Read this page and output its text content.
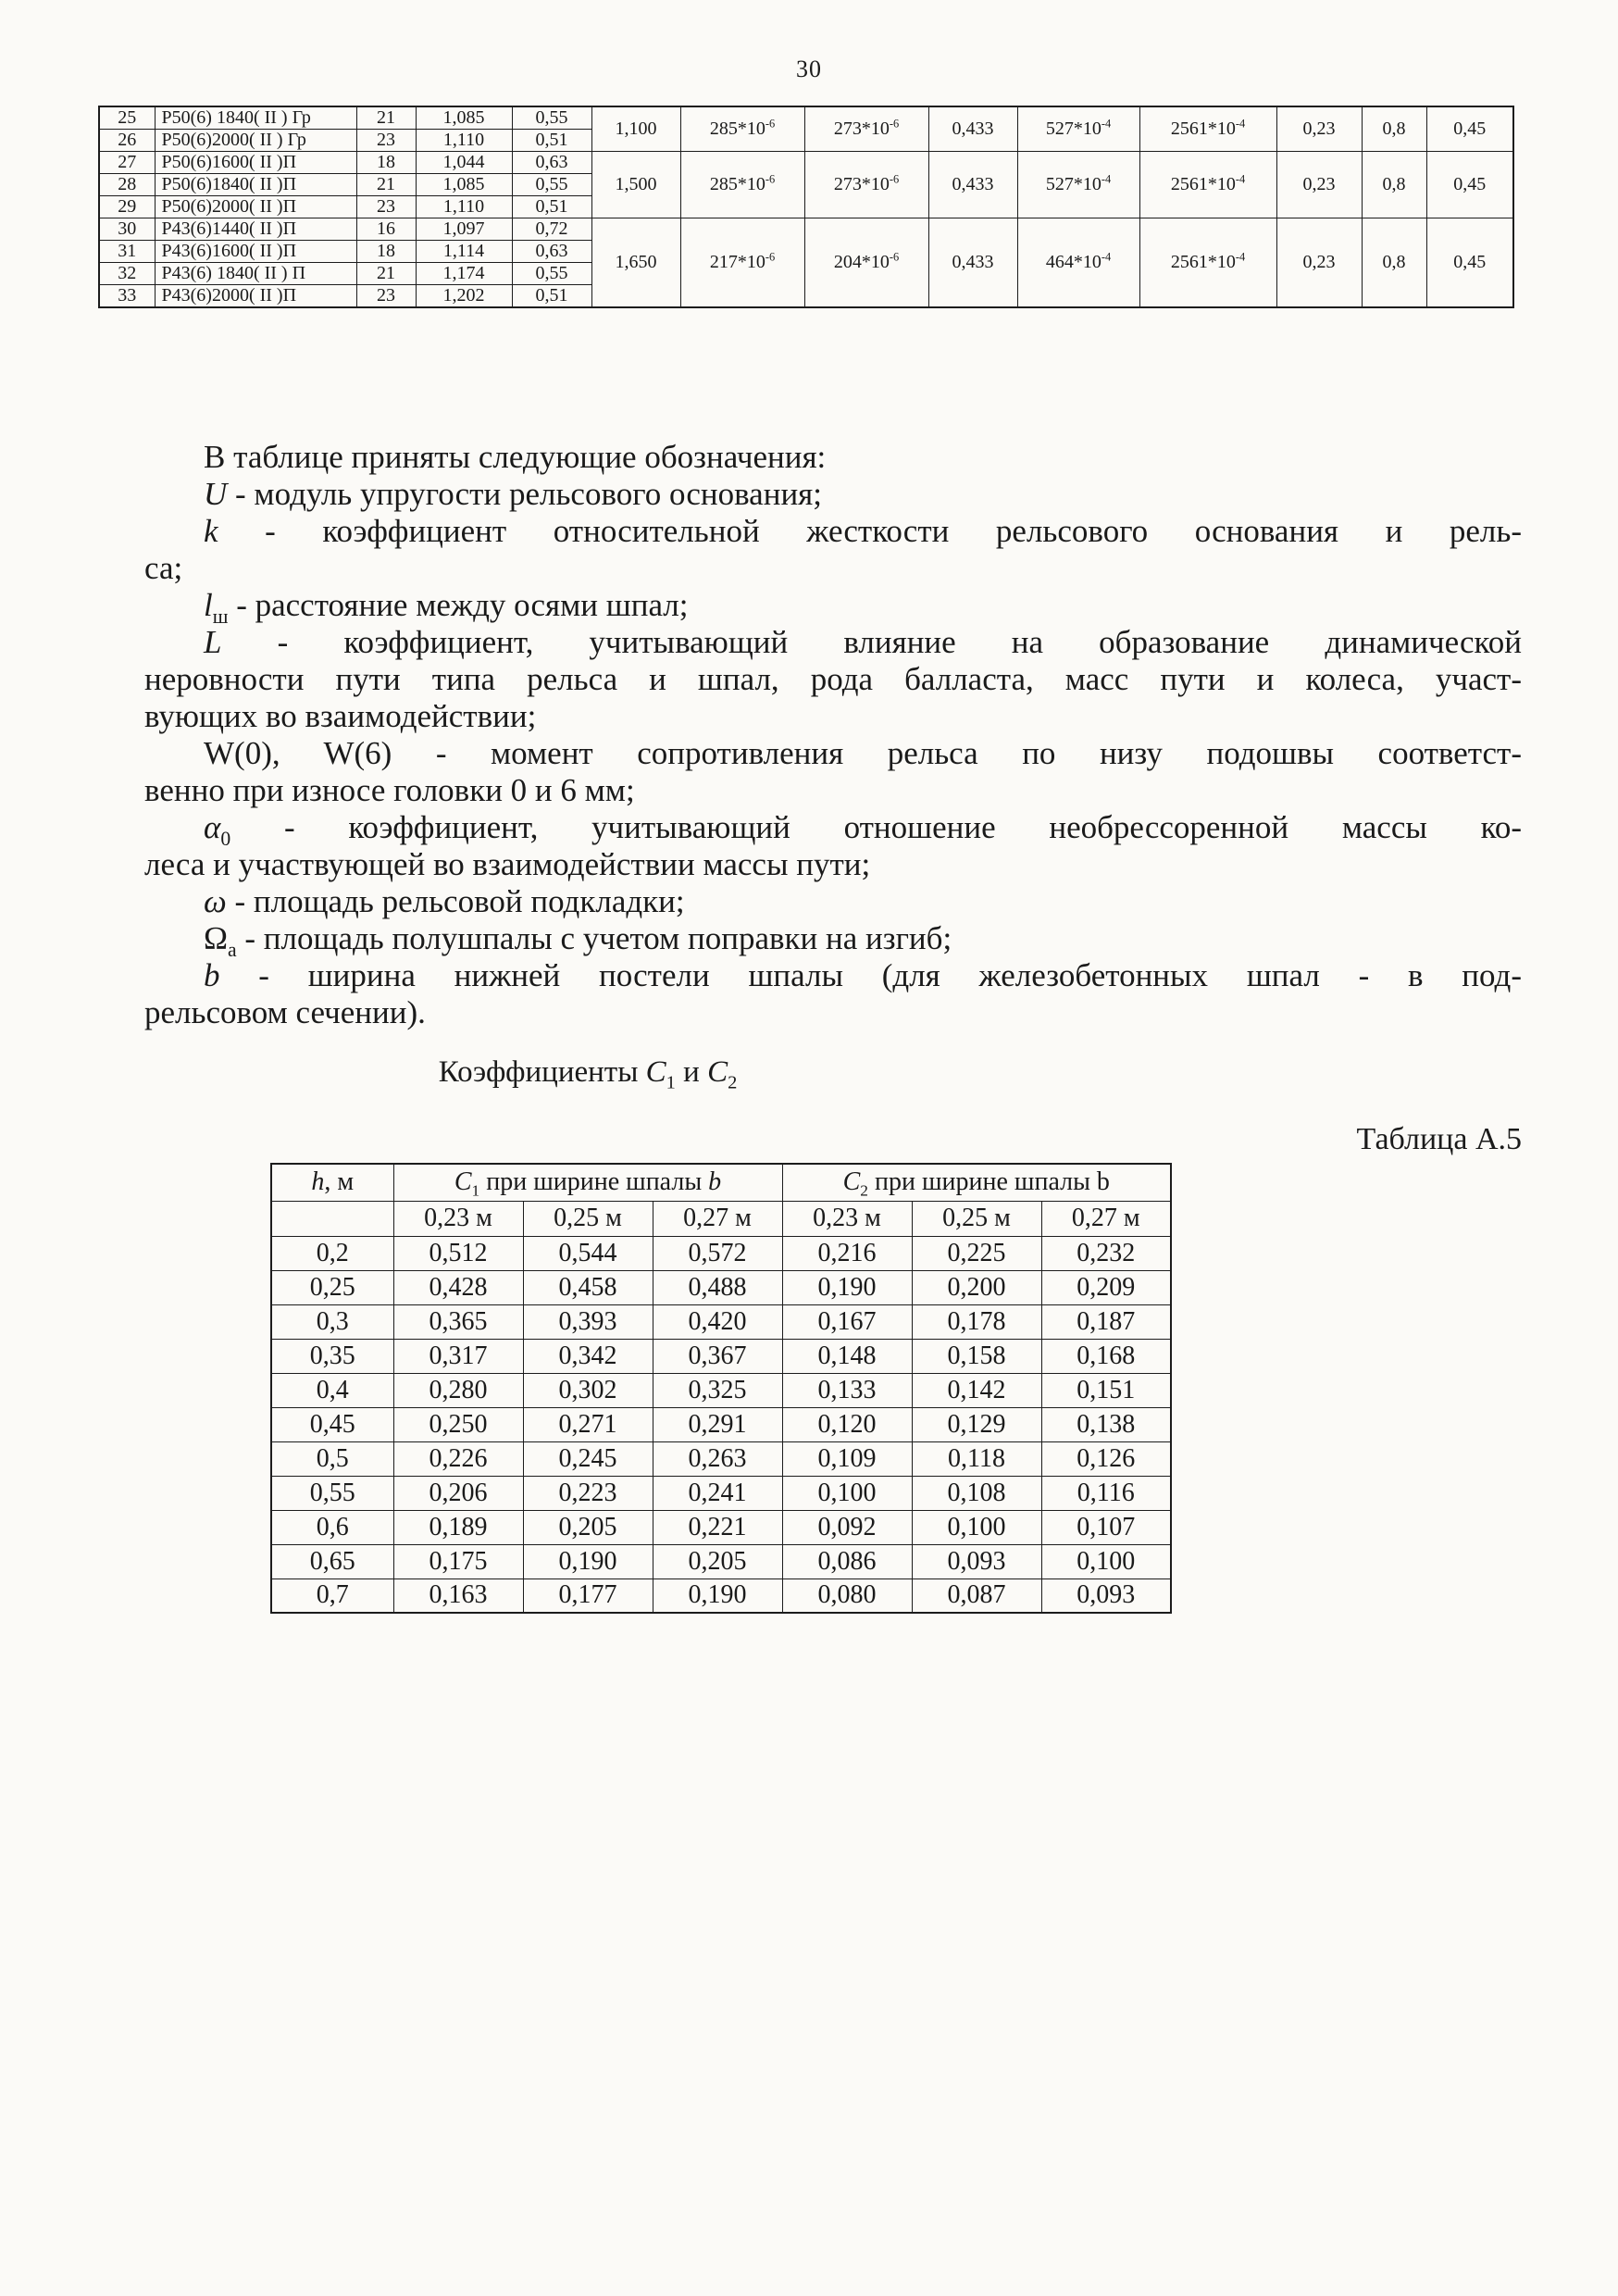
30
25	Р50(6) 1840( II ) Гр	21	1,085	0,55	1,100	$285*10^{-6}$	$273*10^{-6}$	0,433	$527*10^{-4}$	$2561*10^{-4}$	0,23	0,8	0,45
26	Р50(6)2000( II ) Гр	23	1,110	0,51									
27	Р50(6)1600( II )П	18	1,044	0,63	1,500	$285*10^{-6}$	$273*10^{-6}$	0,433	$527*10^{-4}$	$2561*10^{-4}$	0,23	0,8	0,45
28	Р50(6)1840( II )П	21	1,085	0,55									
29	Р50(6)2000( II )П	23	1,110	0,51									
30	Р43(6)1440( II )П	16	1,097	0,72	1,650	$217*10^{-6}$	$204*10^{-6}$	0,433	$464*10^{-4}$	$2561*10^{-4}$	0,23	0,8	0,45
31	Р43(6)1600( II )П	18	1,114	0,63									
32	Р43(6) 1840( II ) П	21	1,174	0,55									
33	Р43(6)2000( II )П	23	1,202	0,51									
В таблице приняты следующие обозначения:
U - модуль упругости рельсового основания;
k - коэффициент относительной жесткости рельсового основания и рель-
са;
$l_ш$ - расстояние между осями шпал;
L - коэффициент, учитывающий влияние на образование динамической
неровности пути типа рельса и шпал, рода балласта, масс пути и колеса, участ-
вующих во взаимодействии;
W(0), W(6) - момент сопротивления рельса по низу подошвы соответст-
венно при износе головки 0 и 6 мм;
$\alpha_0$ - коэффициент, учитывающий отношение необрессоренной массы ко-
леса и участвующей во взаимодействии массы пути;
ω - площадь рельсовой подкладки;
$\Omega_а$ - площадь полушпалы с учетом поправки на изгиб;
b - ширина нижней постели шпалы (для железобетонных шпал - в под-
рельсовом сечении).
Коэффициенты $C_1$ и $C_2$
Таблица А.5
h, м	$C_1$ при ширине шпалы b			$C_2$ при ширине шпалы b		
	0,23 м	0,25 м	0,27 м	0,23 м	0,25 м	0,27 м
0,2	0,512	0,544	0,572	0,216	0,225	0,232
0,25	0,428	0,458	0,488	0,190	0,200	0,209
0,3	0,365	0,393	0,420	0,167	0,178	0,187
0,35	0,317	0,342	0,367	0,148	0,158	0,168
0,4	0,280	0,302	0,325	0,133	0,142	0,151
0,45	0,250	0,271	0,291	0,120	0,129	0,138
0,5	0,226	0,245	0,263	0,109	0,118	0,126
0,55	0,206	0,223	0,241	0,100	0,108	0,116
0,6	0,189	0,205	0,221	0,092	0,100	0,107
0,65	0,175	0,190	0,205	0,086	0,093	0,100
0,7	0,163	0,177	0,190	0,080	0,087	0,093
